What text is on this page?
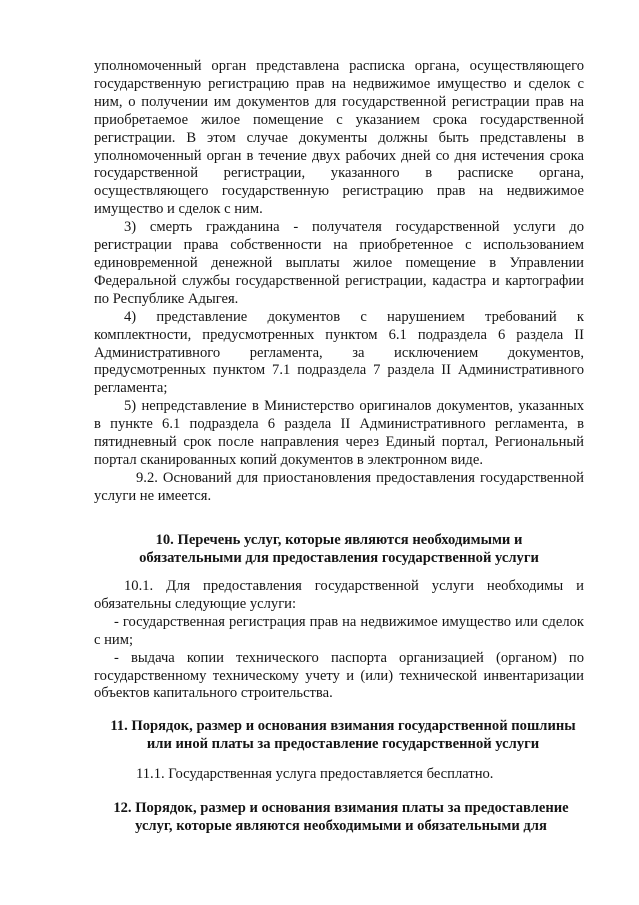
уполномоченный орган представлена расписка органа, осуществляющего государственную регистрацию прав на недвижимое имущество и сделок с ним, о получении им документов для государственной регистрации прав на приобретаемое жилое помещение с указанием срока государственной регистрации. В этом случае документы должны быть представлены в уполномоченный орган в течение двух рабочих дней со дня истечения срока государственной регистрации, указанного в расписке органа, осуществляющего государственную регистрацию прав на недвижимое имущество и сделок с ним.

3) смерть гражданина - получателя государственной услуги до регистрации права собственности на приобретенное с использованием единовременной денежной выплаты жилое помещение в Управлении Федеральной службы государственной регистрации, кадастра и картографии по Республике Адыгея.

4) представление документов с нарушением требований к комплектности, предусмотренных пунктом 6.1 подраздела 6 раздела II Административного регламента, за исключением документов, предусмотренных пунктом 7.1 подраздела 7 раздела II Административного регламента;

5) непредставление в Министерство оригиналов документов, указанных в пункте 6.1 подраздела 6 раздела II Административного регламента, в пятидневный срок после направления через Единый портал, Региональный портал сканированных копий документов в электронном виде.

9.2. Оснований для приостановления предоставления государственной услуги не имеется.

10. Перечень услуг, которые являются необходимыми и
обязательными для предоставления государственной услуги

10.1. Для предоставления государственной услуги необходимы и обязательны следующие услуги:

- государственная регистрация прав на недвижимое имущество или сделок с ним;

- выдача копии технического паспорта организацией (органом) по государственному техническому учету и (или) технической инвентаризации объектов капитального строительства.

11. Порядок, размер и основания взимания государственной пошлины
или иной платы за предоставление государственной услуги

11.1. Государственная услуга предоставляется бесплатно.

12. Порядок, размер и основания взимания платы за предоставление
услуг, которые являются необходимыми и обязательными для
